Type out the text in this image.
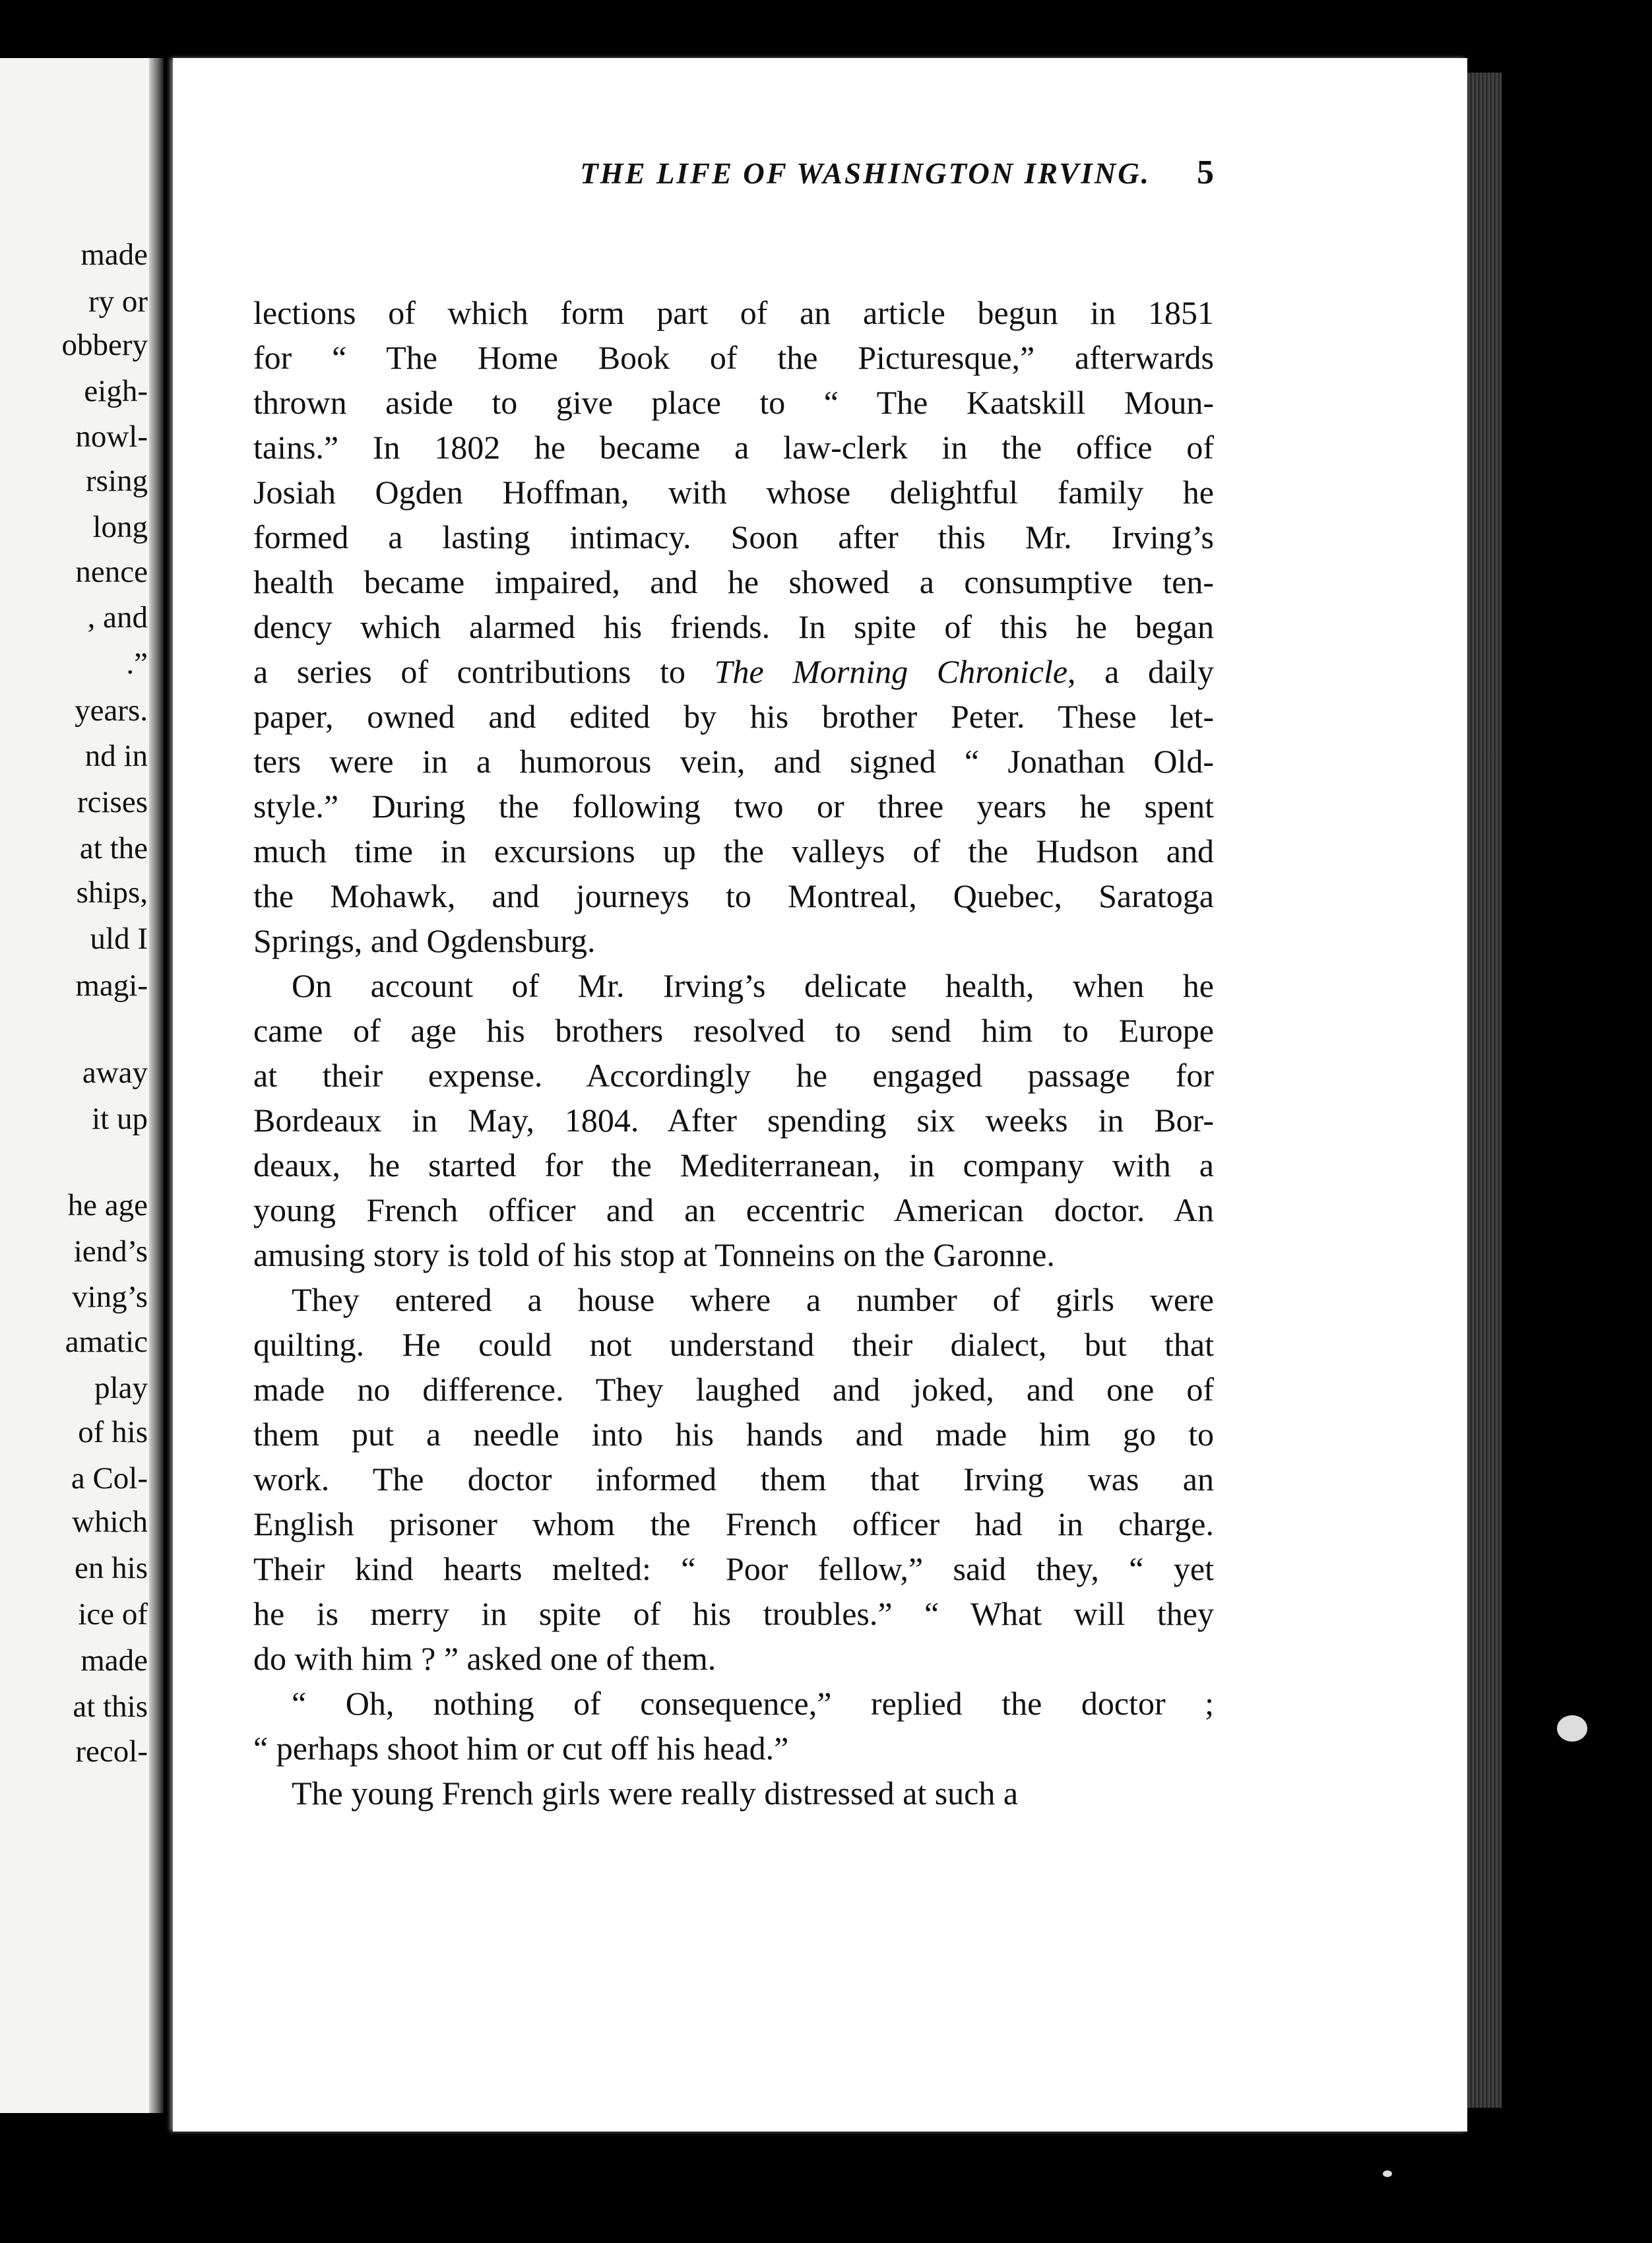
made
ry or
obbery
eigh-
nowl-
rsing
long
nence
, and
.”
years.
nd in
rcises
at the
ships,
uld I
magi-
away
it up
he age
iend’s
ving’s
amatic
play
of his
a Col-
which
en his
ice of
made
at this
recol-
THE LIFE OF WASHINGTON IRVING. 5

lections of which form part of an article begun in 1851
for “ The Home Book of the Picturesque,” afterwards
thrown aside to give place to “ The Kaatskill Moun-
tains.” In 1802 he became a law-clerk in the office of
Josiah Ogden Hoffman, with whose delightful family he
formed a lasting intimacy. Soon after this Mr. Irving’s
health became impaired, and he showed a consumptive ten-
dency which alarmed his friends. In spite of this he began
a series of contributions to The Morning Chronicle, a daily
paper, owned and edited by his brother Peter. These let-
ters were in a humorous vein, and signed “ Jonathan Old-
style.” During the following two or three years he spent
much time in excursions up the valleys of the Hudson and
the Mohawk, and journeys to Montreal, Quebec, Saratoga
Springs, and Ogdensburg.

On account of Mr. Irving’s delicate health, when he
came of age his brothers resolved to send him to Europe
at their expense. Accordingly he engaged passage for
Bordeaux in May, 1804. After spending six weeks in Bor-
deaux, he started for the Mediterranean, in company with a
young French officer and an eccentric American doctor. An
amusing story is told of his stop at Tonneins on the Garonne.

They entered a house where a number of girls were
quilting. He could not understand their dialect, but that
made no difference. They laughed and joked, and one of
them put a needle into his hands and made him go to
work. The doctor informed them that Irving was an
English prisoner whom the French officer had in charge.
Their kind hearts melted: “ Poor fellow,” said they, “ yet
he is merry in spite of his troubles.” “ What will they
do with him ? ” asked one of them.

“ Oh, nothing of consequence,” replied the doctor ;
“ perhaps shoot him or cut off his head.”

The young French girls were really distressed at such a
